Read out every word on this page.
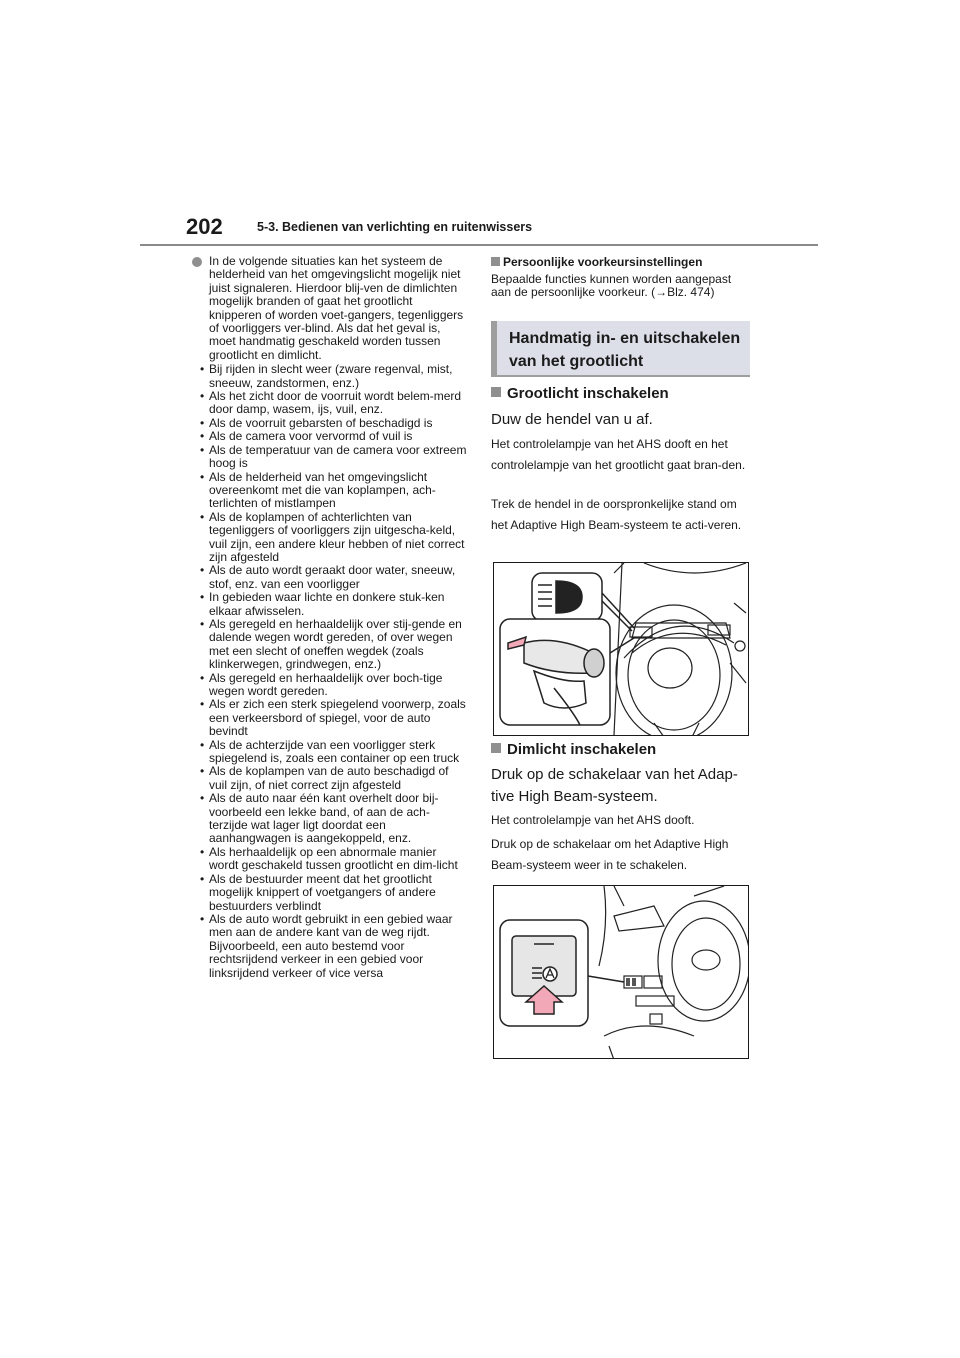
202	5-3. Bedienen van verlichting en ruitenwissers
In de volgende situaties kan het systeem de helderheid van het omgevingslicht mogelijk niet juist signaleren. Hierdoor blij-ven de dimlichten mogelijk branden of gaat het grootlicht knipperen of worden voet-gangers, tegenliggers of voorliggers ver-blind. Als dat het geval is, moet handmatig geschakeld worden tussen grootlicht en dimlicht.
• Bij rijden in slecht weer (zware regenval, mist, sneeuw, zandstormen, enz.)
• Als het zicht door de voorruit wordt belem-merd door damp, wasem, ijs, vuil, enz.
• Als de voorruit gebarsten of beschadigd is
• Als de camera voor vervormd of vuil is
• Als de temperatuur van de camera voor extreem hoog is
• Als de helderheid van het omgevingslicht overeenkomt met die van koplampen, ach-terlichten of mistlampen
• Als de koplampen of achterlichten van tegenliggers of voorliggers zijn uitgescha-keld, vuil zijn, een andere kleur hebben of niet correct zijn afgesteld
• Als de auto wordt geraakt door water, sneeuw, stof, enz. van een voorligger
• In gebieden waar lichte en donkere stuk-ken elkaar afwisselen.
• Als geregeld en herhaaldelijk over stij-gende en dalende wegen wordt gereden, of over wegen met een slecht of oneffen wegdek (zoals klinkerwegen, grindwegen, enz.)
• Als geregeld en herhaaldelijk over boch-tige wegen wordt gereden.
• Als er zich een sterk spiegelend voorwerp, zoals een verkeersbord of spiegel, voor de auto bevindt
• Als de achterzijde van een voorligger sterk spiegelend is, zoals een container op een truck
• Als de koplampen van de auto beschadigd of vuil zijn, of niet correct zijn afgesteld
• Als de auto naar één kant overhelt door bij-voorbeeld een lekke band, of aan de ach-terzijde wat lager ligt doordat een aanhangwagen is aangekoppeld, enz.
• Als herhaaldelijk op een abnormale manier wordt geschakeld tussen grootlicht en dim-licht
• Als de bestuurder meent dat het grootlicht mogelijk knippert of voetgangers of andere bestuurders verblindt
• Als de auto wordt gebruikt in een gebied waar men aan de andere kant van de weg rijdt. Bijvoorbeeld, een auto bestemd voor rechtsrijdend verkeer in een gebied voor linksrijdend verkeer of vice versa
Persoonlijke voorkeursinstellingen
Bepaalde functies kunnen worden aangepast aan de persoonlijke voorkeur. (→Blz. 474)
Handmatig in- en uitschakelen
van het grootlicht
Grootlicht inschakelen
Duw de hendel van u af.
Het controlelampje van het AHS dooft en het controlelampje van het grootlicht gaat bran-den.
Trek de hendel in de oorspronkelijke stand om het Adaptive High Beam-systeem te acti-veren.
Dimlicht inschakelen
Druk op de schakelaar van het Adap-tive High Beam-systeem.
Het controlelampje van het AHS dooft.
Druk op de schakelaar om het Adaptive High Beam-systeem weer in te schakelen.
